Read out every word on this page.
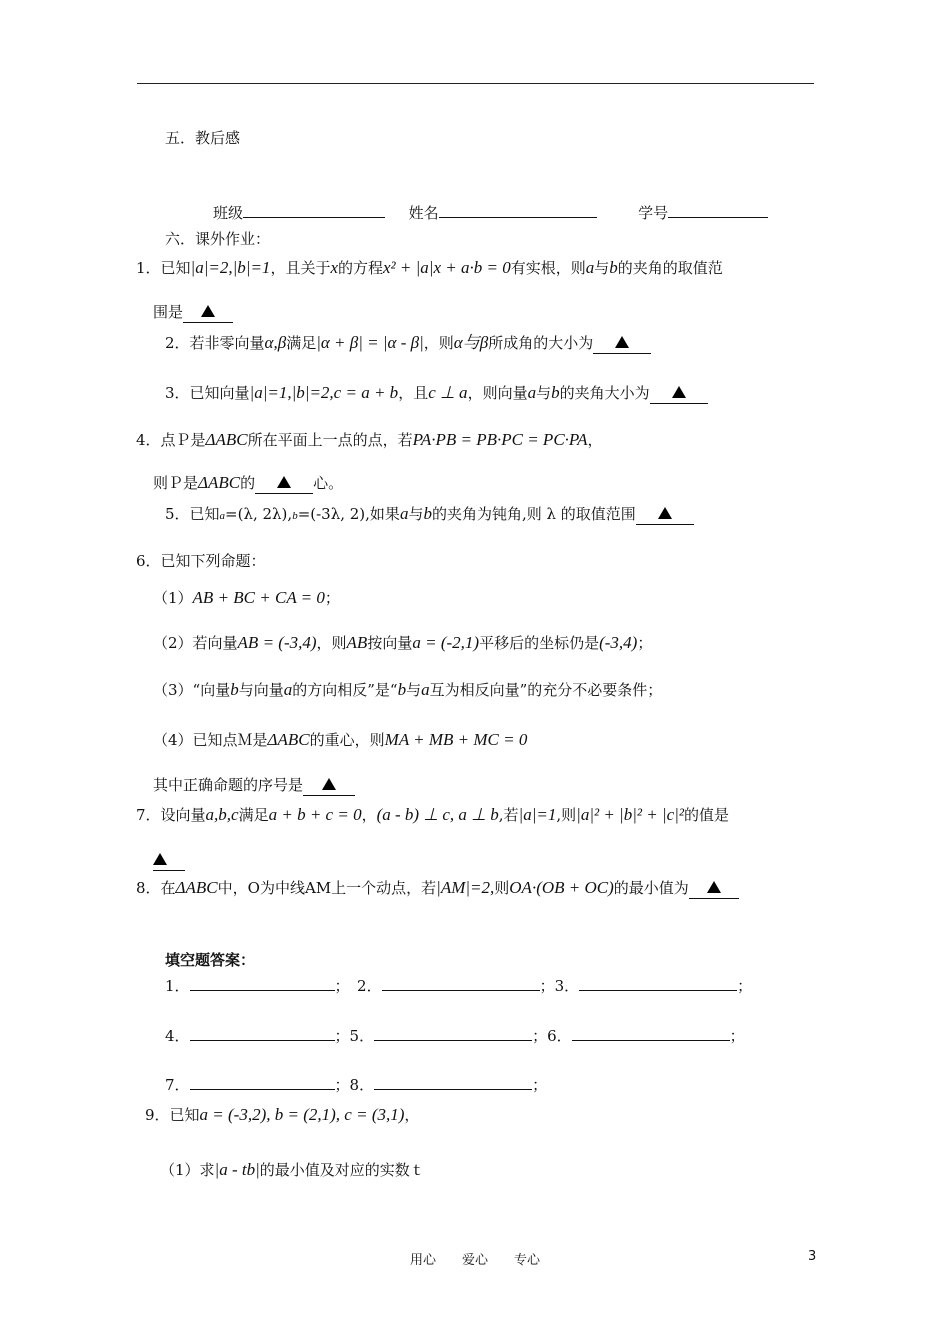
五．教后感
班级	姓名	学号
六．课外作业：
1．已知|a|=2,|b|=1，且关于x的方程x² + |a|x + a·b = 0有实根，则a与b的夹角的取值范
围是
2．若非零向量α,β满足|α + β| = |α - β|，则α与β所成角的大小为
3．已知向量|a|=1,|b|=2,c = a + b，且c ⊥ a，则向量a与b的夹角大小为
4．点Ｐ是ΔABC所在平面上一点的点，若PA·PB = PB·PC = PC·PA，
则Ｐ是ΔABC的	心。
5．已知a=(λ, 2λ),b=(-3λ, 2),如果a与b的夹角为钝角,则 λ 的取值范围
6．已知下列命题：
（1）AB + BC + CA = 0；
（2）若向量AB = (-3,4)，则AB按向量a = (-2,1)平移后的坐标仍是(-3,4)；
（3）“向量b与向量a的方向相反”是“b与a互为相反向量”的充分不必要条件；
（4）已知点Ｍ是ΔABC的重心，则MA + MB + MC = 0
其中正确命题的序号是
7．设向量a,b,c满足a + b + c = 0，(a - b) ⊥ c, a ⊥ b,若|a|=1,则|a|² + |b|² + |c|²的值是
8．在ΔABC中，O为中线AM上一个动点，若|AM|=2,则OA·(OB + OC)的最小值为
填空题答案：
1．	；　2．	；3．	；
4．	；5．	；6．	；
7．	；8．	；
9．已知a = (-3,2), b = (2,1), c = (3,1)，
（1）求|a - tb|的最小值及对应的实数ｔ
用心　　爱心　　专心	3
